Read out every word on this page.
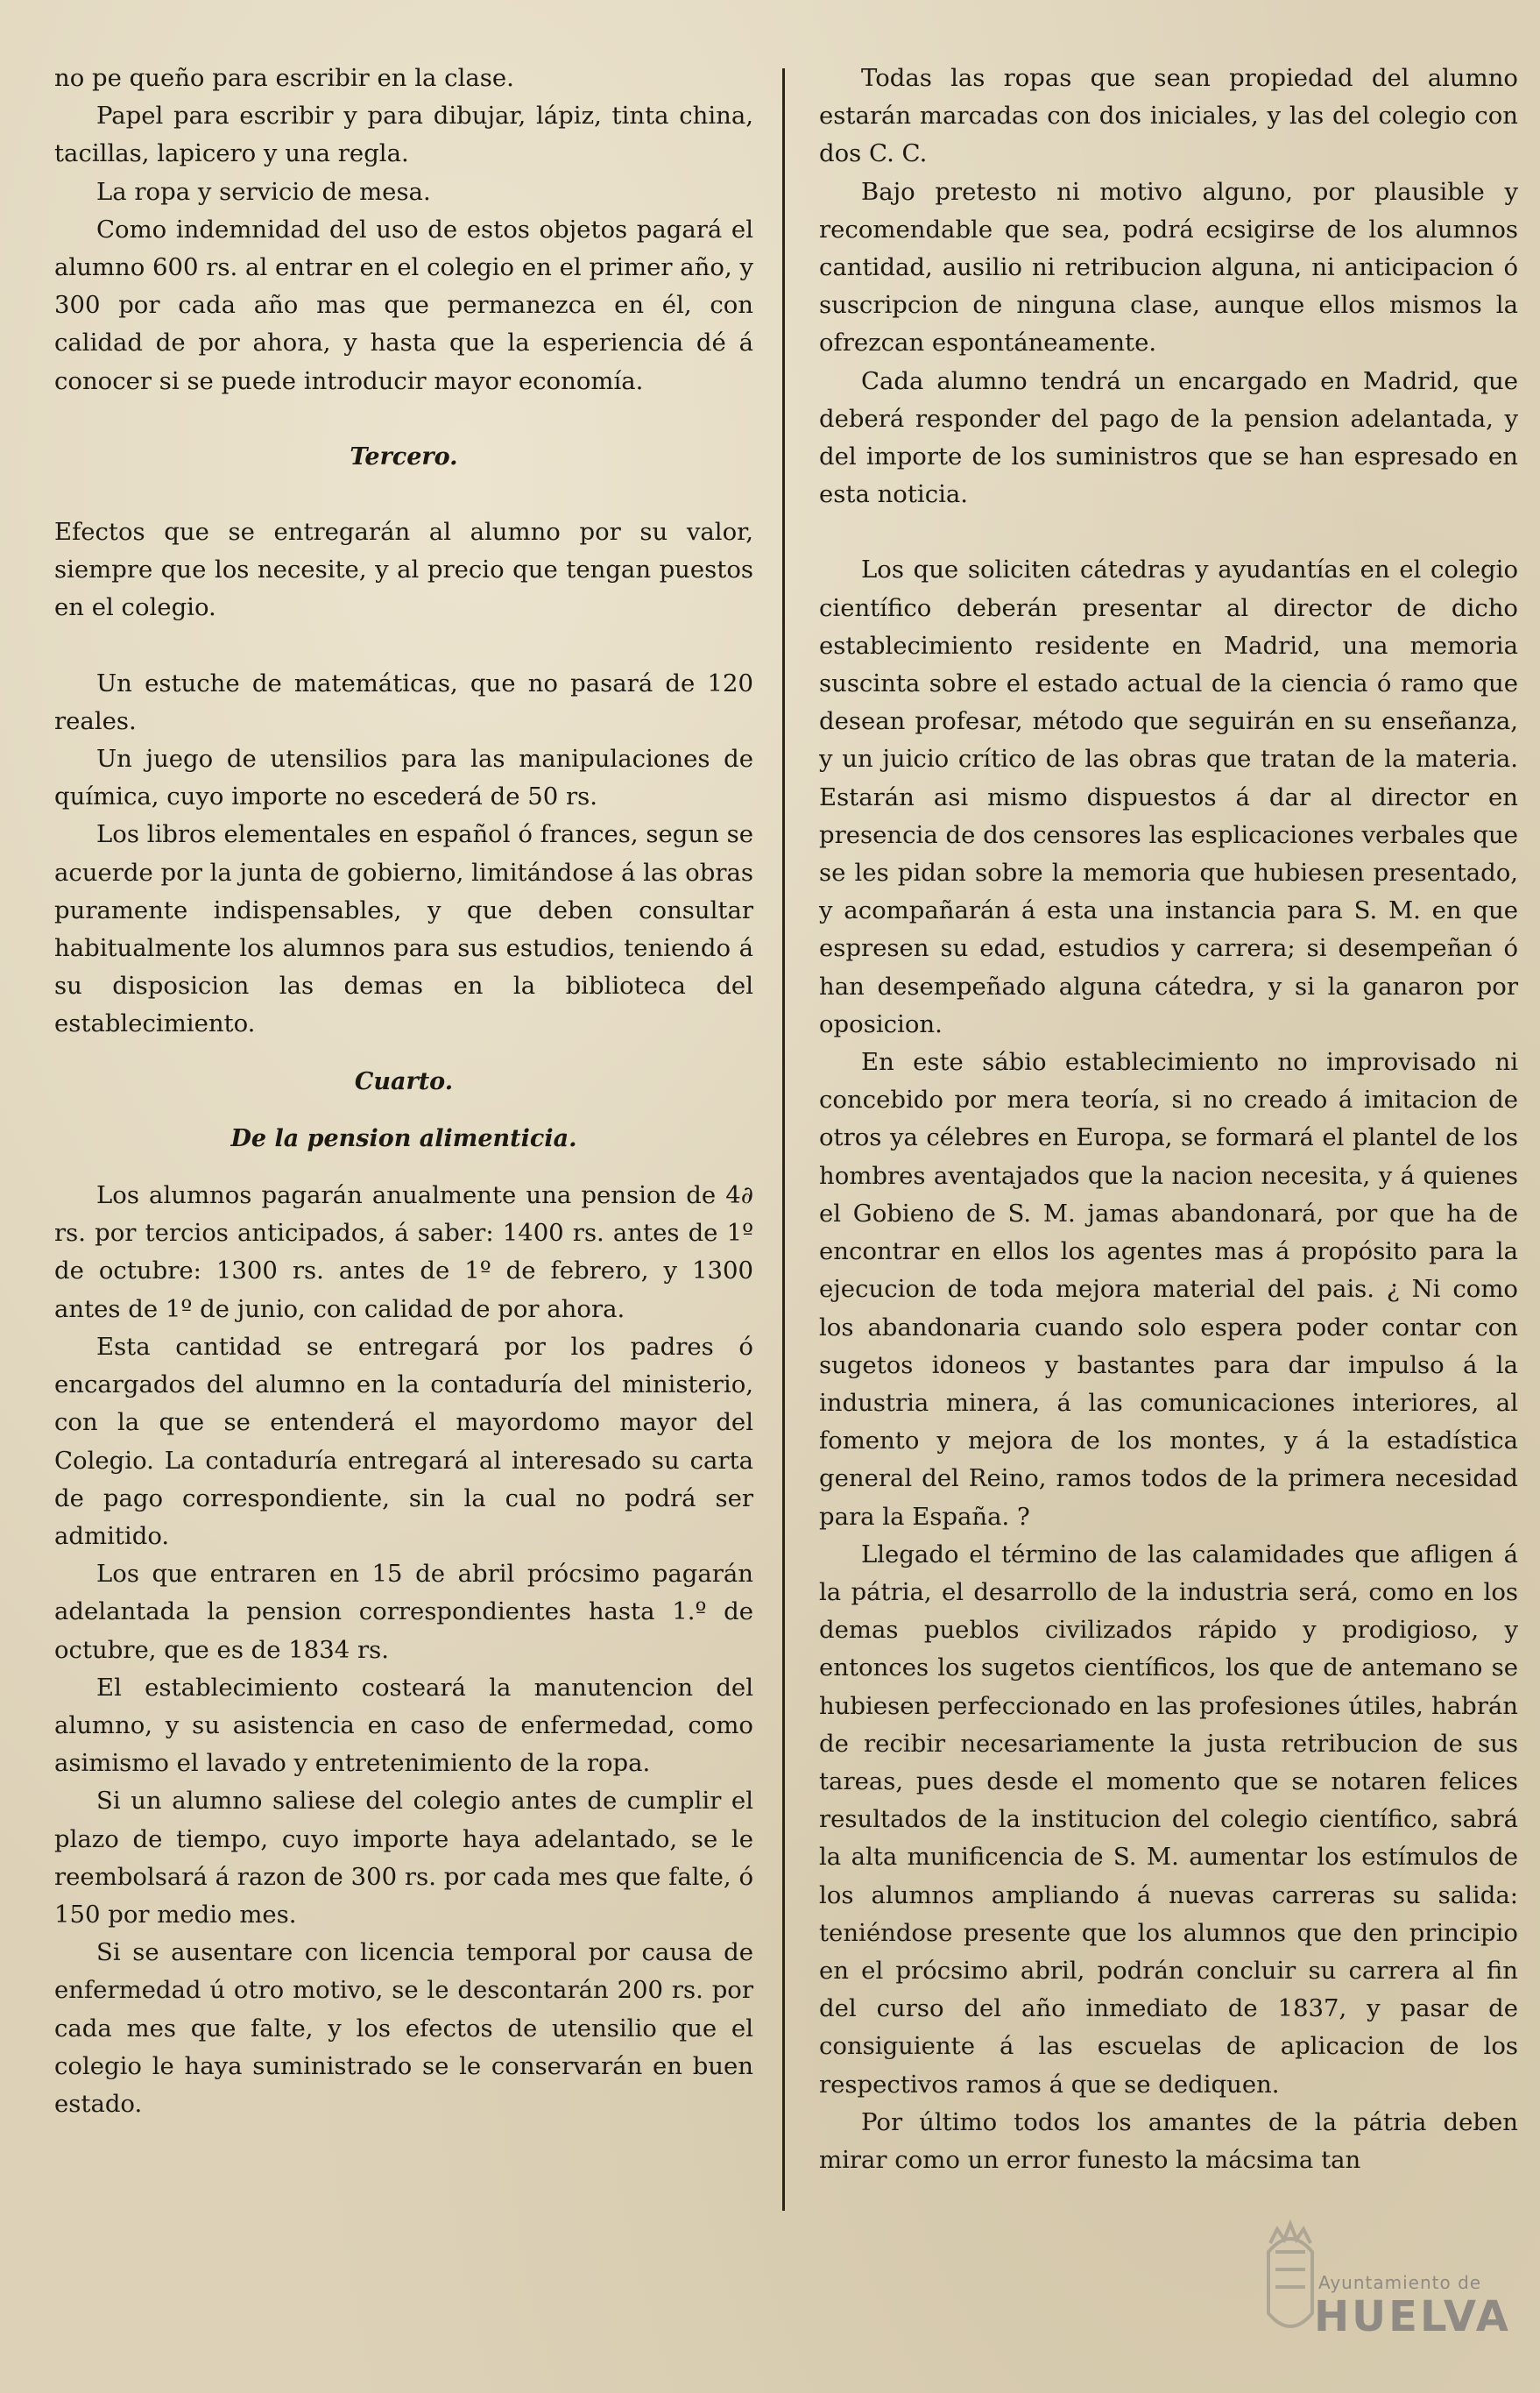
no pe queño para escribir en la clase.

Papel para escribir y para dibujar, lápiz, tinta china, tacillas, lapicero y una regla.

La ropa y servicio de mesa.

Como indemnidad del uso de estos objetos pagará el alumno 600 rs. al entrar en el colegio en el primer año, y 300 por cada año mas que permanezca en él, con calidad de por ahora, y hasta que la esperiencia dé á conocer si se puede introducir mayor economía.

Tercero.

Efectos que se entregarán al alumno por su valor, siempre que los necesite, y al precio que tengan puestos en el colegio.

Un estuche de matemáticas, que no pasará de 120 reales.

Un juego de utensilios para las manipulaciones de química, cuyo importe no escederá de 50 rs.

Los libros elementales en español ó frances, segun se acuerde por la junta de gobierno, limitándose á las obras puramente indispensables, y que deben consultar habitualmente los alumnos para sus estudios, teniendo á su disposicion las demas en la biblioteca del establecimiento.

Cuarto.

De la pension alimenticia.

Los alumnos pagarán anualmente una pension de 4∂ rs. por tercios anticipados, á saber: 1400 rs. antes de 1º de octubre: 1300 rs. antes de 1º de febrero, y 1300 antes de 1º de junio, con calidad de por ahora.

Esta cantidad se entregará por los padres ó encargados del alumno en la contaduría del ministerio, con la que se entenderá el mayordomo mayor del Colegio. La contaduría entregará al interesado su carta de pago correspondiente, sin la cual no podrá ser admitido.

Los que entraren en 15 de abril prócsimo pagarán adelantada la pension correspondientes hasta 1.º de octubre, que es de 1834 rs.

El establecimiento costeará la manutencion del alumno, y su asistencia en caso de enfermedad, como asimismo el lavado y entretenimiento de la ropa.

Si un alumno saliese del colegio antes de cumplir el plazo de tiempo, cuyo importe haya adelantado, se le reembolsará á razon de 300 rs. por cada mes que falte, ó 150 por medio mes.

Si se ausentare con licencia temporal por causa de enfermedad ú otro motivo, se le descontarán 200 rs. por cada mes que falte, y los efectos de utensilio que el colegio le haya suministrado se le conservarán en buen estado.

Todas las ropas que sean propiedad del alumno estarán marcadas con dos iniciales, y las del colegio con dos C. C.

Bajo pretesto ni motivo alguno, por plausible y recomendable que sea, podrá ecsigirse de los alumnos cantidad, ausilio ni retribucion alguna, ni anticipacion ó suscripcion de ninguna clase, aunque ellos mismos la ofrezcan espontáneamente.

Cada alumno tendrá un encargado en Madrid, que deberá responder del pago de la pension adelantada, y del importe de los suministros que se han espresado en esta noticia.

Los que soliciten cátedras y ayudantías en el colegio científico deberán presentar al director de dicho establecimiento residente en Madrid, una memoria suscinta sobre el estado actual de la ciencia ó ramo que desean profesar, método que seguirán en su enseñanza, y un juicio crítico de las obras que tratan de la materia. Estarán asi mismo dispuestos á dar al director en presencia de dos censores las esplicaciones verbales que se les pidan sobre la memoria que hubiesen presentado, y acompañarán á esta una instancia para S. M. en que espresen su edad, estudios y carrera; si desempeñan ó han desempeñado alguna cátedra, y si la ganaron por oposicion.

En este sábio establecimiento no improvisado ni concebido por mera teoría, si no creado á imitacion de otros ya célebres en Europa, se formará el plantel de los hombres aventajados que la nacion necesita, y á quienes el Gobieno de S. M. jamas abandonará, por que ha de encontrar en ellos los agentes mas á propósito para la ejecucion de toda mejora material del pais. ¿ Ni como los abandonaria cuando solo espera poder contar con sugetos idoneos y bastantes para dar impulso á la industria minera, á las comunicaciones interiores, al fomento y mejora de los montes, y á la estadística general del Reino, ramos todos de la primera necesidad para la España. ?

Llegado el término de las calamidades que afligen á la pátria, el desarrollo de la industria será, como en los demas pueblos civilizados rápido y prodigioso, y entonces los sugetos científicos, los que de antemano se hubiesen perfeccionado en las profesiones útiles, habrán de recibir necesariamente la justa retribucion de sus tareas, pues desde el momento que se notaren felices resultados de la institucion del colegio científico, sabrá la alta munificencia de S. M. aumentar los estímulos de los alumnos ampliando á nuevas carreras su salida: teniéndose presente que los alumnos que den principio en el prócsimo abril, podrán concluir su carrera al fin del curso del año inmediato de 1837, y pasar de consiguiente á las escuelas de aplicacion de los respectivos ramos á que se dediquen.

Por último todos los amantes de la pátria deben mirar como un error funesto la mácsima tan

Ayuntamiento de
HUELVA
